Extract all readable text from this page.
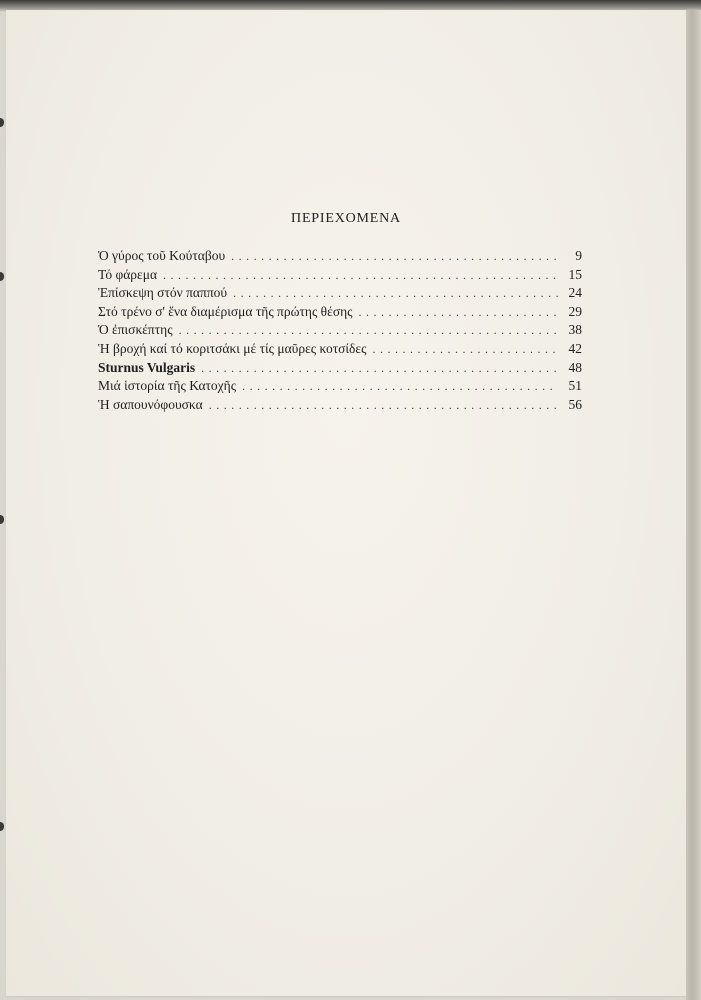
ΠΕΡΙΕΧΟΜΕΝΑ
Ὁ γύρος τοῦ Κούταβου . . .	9
Τό φάρεμα . . .	15
Ἐπίσκεψη στόν παππού . . .	24
Στό τρένο σ' ἕνα διαμέρισμα τῆς πρώτης θέσης . . .	29
Ὁ ἐπισκέπτης . . .	38
Ἡ βροχή καί τό κοριτσάκι μέ τίς μαῦρες κοτσίδες . . .	42
Sturnus Vulgaris . . .	48
Μιά ἱστορία τῆς Κατοχῆς . . .	51
Ἡ σαπουνόφουσκα . . .	56
